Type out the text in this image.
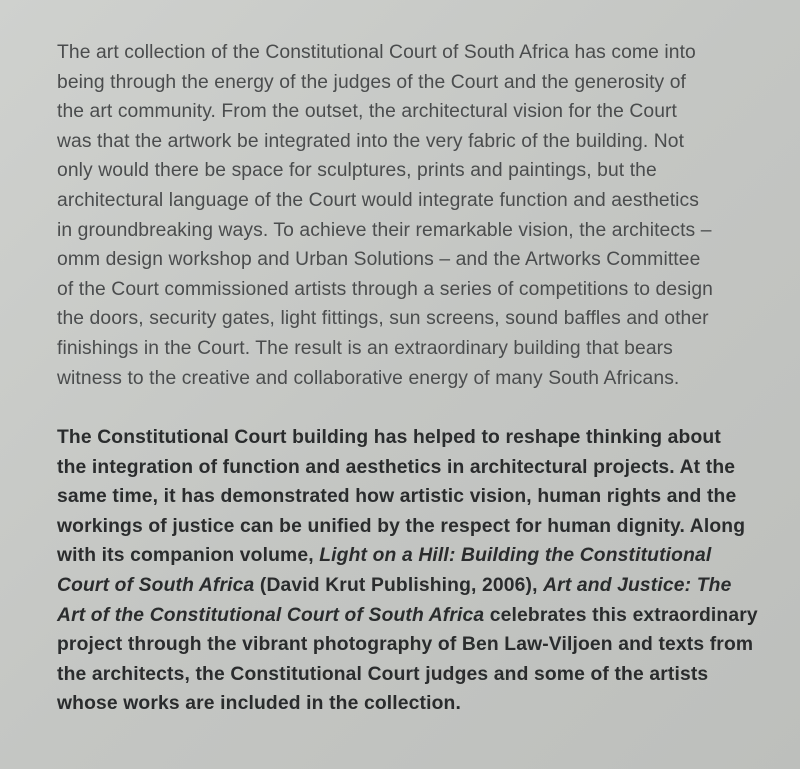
The art collection of the Constitutional Court of South Africa has come into
being through the energy of the judges of the Court and the generosity of
the art community. From the outset, the architectural vision for the Court
was that the artwork be integrated into the very fabric of the building. Not
only would there be space for sculptures, prints and paintings, but the
architectural language of the Court would integrate function and aesthetics
in groundbreaking ways. To achieve their remarkable vision, the architects –
omm design workshop and Urban Solutions – and the Artworks Committee
of the Court commissioned artists through a series of competitions to design
the doors, security gates, light fittings, sun screens, sound baffles and other
finishings in the Court. The result is an extraordinary building that bears
witness to the creative and collaborative energy of many South Africans.

The Constitutional Court building has helped to reshape thinking about
the integration of function and aesthetics in architectural projects. At the
same time, it has demonstrated how artistic vision, human rights and the
workings of justice can be unified by the respect for human dignity. Along
with its companion volume, Light on a Hill: Building the Constitutional
Court of South Africa (David Krut Publishing, 2006), Art and Justice: The
Art of the Constitutional Court of South Africa celebrates this extraordinary
project through the vibrant photography of Ben Law-Viljoen and texts from
the architects, the Constitutional Court judges and some of the artists
whose works are included in the collection.
